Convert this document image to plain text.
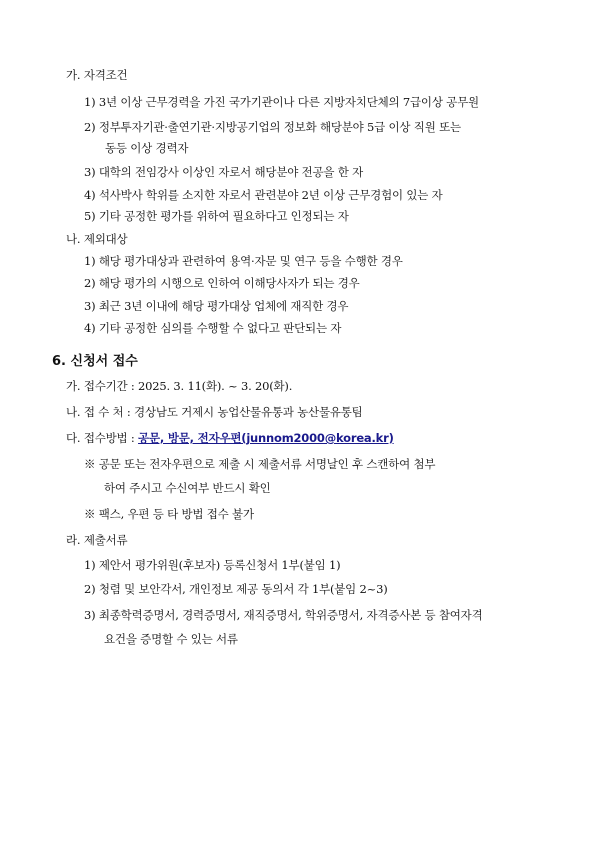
가. 자격조건
1) 3년 이상 근무경력을 가진 국가기관이나 다른 지방자치단체의 7급이상 공무원
2) 정부투자기관·출연기관·지방공기업의 정보화 해당분야 5급 이상 직원 또는
동등 이상 경력자
3) 대학의 전임강사 이상인 자로서 해당분야 전공을 한 자
4) 석사박사 학위를 소지한 자로서 관련분야 2년 이상 근무경험이 있는 자
5) 기타 공정한 평가를 위하여 필요하다고 인정되는 자
나. 제외대상
1) 해당 평가대상과 관련하여 용역·자문 및 연구 등을 수행한 경우
2) 해당 평가의 시행으로 인하여 이해당사자가 되는 경우
3) 최근 3년 이내에 해당 평가대상 업체에 재직한 경우
4) 기타 공정한 심의를 수행할 수 없다고 판단되는 자
6. 신청서 접수
가. 접수기간 : 2025. 3. 11(화). ~ 3. 20(화).
나. 접 수 처 : 경상남도 거제시 농업산물유통과 농산물유통팀
다. 접수방법 : 공문, 방문, 전자우편(junnom2000@korea.kr)
※ 공문 또는 전자우편으로 제출 시 제출서류 서명날인 후 스캔하여 첨부
하여 주시고 수신여부 반드시 확인
※ 팩스, 우편 등 타 방법 접수 불가
라. 제출서류
1) 제안서 평가위원(후보자) 등록신청서 1부(붙임 1)
2) 청렴 및 보안각서, 개인정보 제공 동의서 각 1부(붙임 2~3)
3) 최종학력증명서, 경력증명서, 재직증명서, 학위증명서, 자격증사본 등 참여자격
요건을 증명할 수 있는 서류
